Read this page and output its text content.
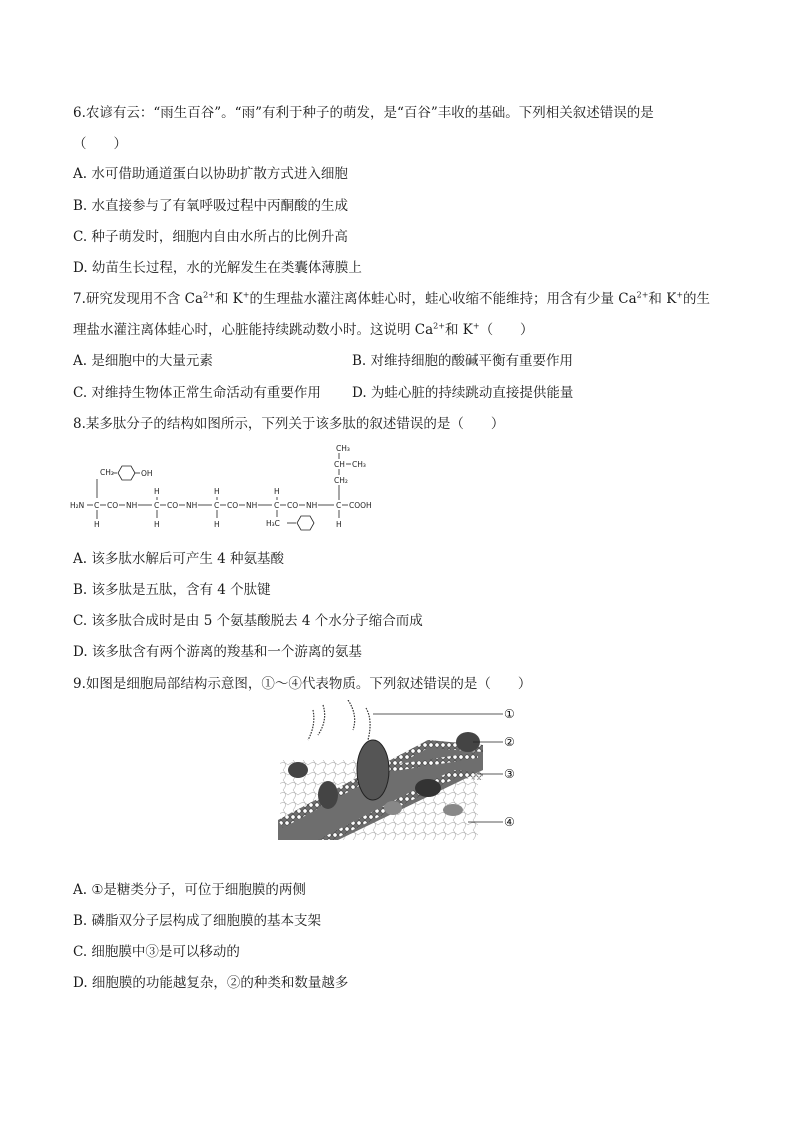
6.农谚有云：“雨生百谷”。“雨”有利于种子的萌发，是“百谷”丰收的基础。下列相关叙述错误的是
（　　）
A. 水可借助通道蛋白以协助扩散方式进入细胞
B. 水直接参与了有氧呼吸过程中丙酮酸的生成
C. 种子萌发时，细胞内自由水所占的比例升高
D. 幼苗生长过程，水的光解发生在类囊体薄膜上
7.研究发现用不含 $Ca^{2+}$和 K+的生理盐水灌注离体蛙心时，蛙心收缩不能维持；用含有少量 $Ca^{2+}$和 K+的生
理盐水灌注离体蛙心时，心脏能持续跳动数小时。这说明 $Ca^{2+}$和 K+（　　）
A. 是细胞中的大量元素	B. 对维持细胞的酸碱平衡有重要作用
C. 对维持生物体正常生命活动有重要作用 D. 为蛙心脏的持续跳动直接提供能量
8.某多肽分子的结构如图所示，下列关于该多肽的叙述错误的是（　　）
H₂N C CO NH C CO NH C CO NH C CO NH	C COOH
H
CH₂	OH
H
H
H
H
H
H₃C
CH₃
CH CH₃
CH₂
H
A. 该多肽水解后可产生 4 种氨基酸
B. 该多肽是五肽，含有 4 个肽键
C. 该多肽合成时是由 5 个氨基酸脱去 4 个水分子缩合而成
D. 该多肽含有两个游离的羧基和一个游离的氨基
9.如图是细胞局部结构示意图，①～④代表物质。下列叙述错误的是（　　）
①
②
③
④
A. ①是糖类分子，可位于细胞膜的两侧
B. 磷脂双分子层构成了细胞膜的基本支架
C. 细胞膜中③是可以移动的
D. 细胞膜的功能越复杂，②的种类和数量越多
